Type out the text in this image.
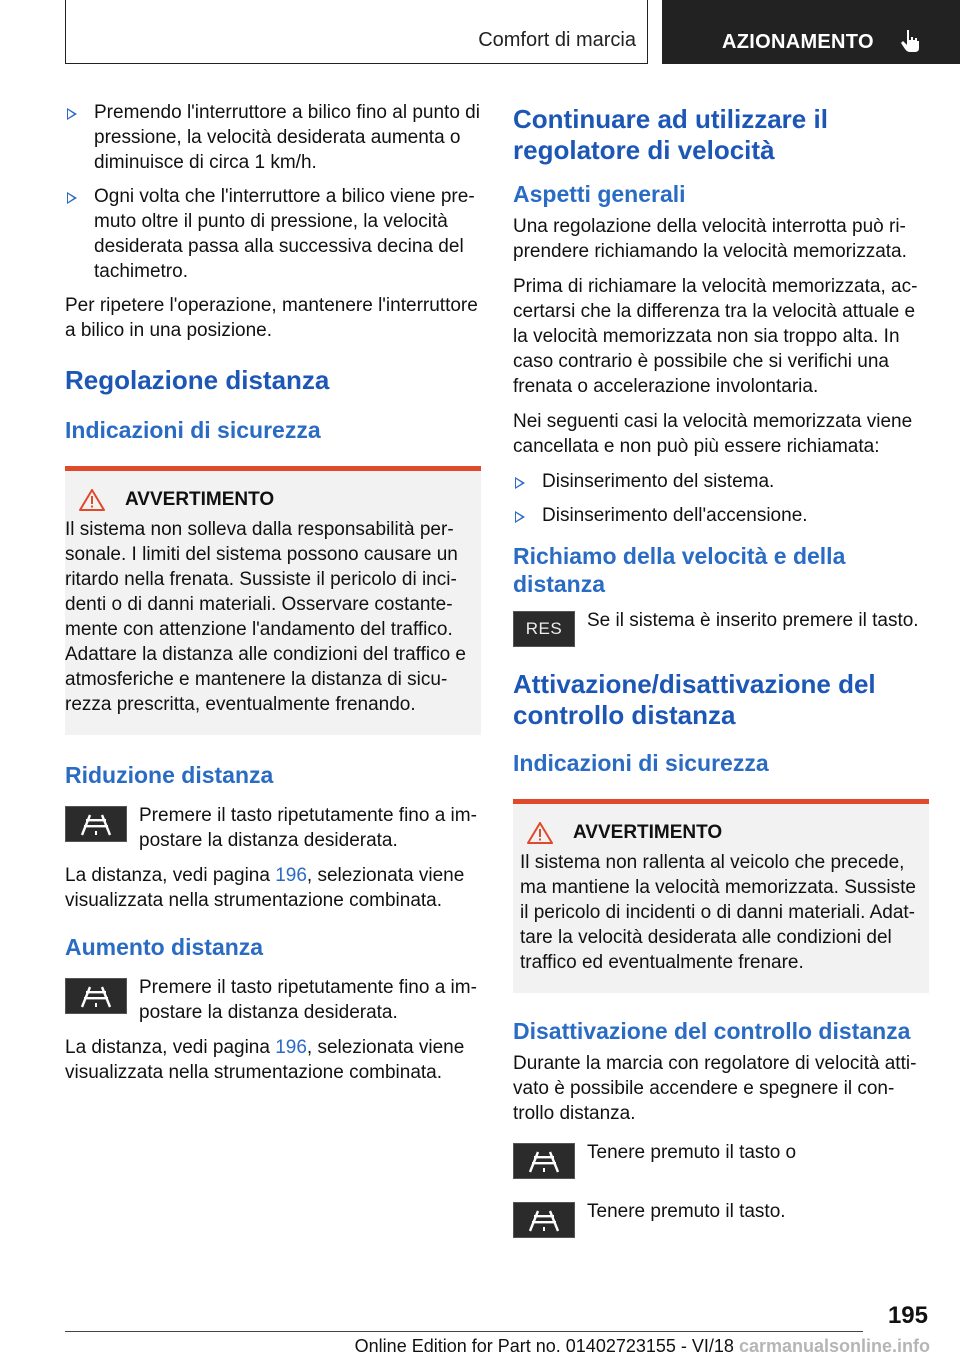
Comfort di marcia	AZIONAMENTO
Premendo l'interruttore a bilico fino al punto di pressione, la velocità desiderata aumenta o diminuisce di circa 1 km/h.
Ogni volta che l'interruttore a bilico viene pre‐muto oltre il punto di pressione, la velocità desiderata passa alla successiva decina del tachimetro.

Per ripetere l'operazione, mantenere l'interruttore a bilico in una posizione.

Regolazione distanza
Indicazioni di sicurezza
AVVERTIMENTO

Il sistema non solleva dalla responsabilità per‐sonale. I limiti del sistema possono causare un ritardo nella frenata. Sussiste il pericolo di inci‐denti o di danni materiali. Osservare costante‐mente con attenzione l'andamento del traffico. Adattare la distanza alle condizioni del traffico e atmosferiche e mantenere la distanza di sicu‐rezza prescritta, eventualmente frenando.

Riduzione distanza
Premere il tasto ripetutamente fino a im‐postare la distanza desiderata.

La distanza, vedi pagina 196, selezionata viene visualizzata nella strumentazione combinata.

Aumento distanza
Premere il tasto ripetutamente fino a im‐postare la distanza desiderata.

La distanza, vedi pagina 196, selezionata viene visualizzata nella strumentazione combinata.

Continuare ad utilizzare il regolatore di velocità
Aspetti generali

Una regolazione della velocità interrotta può ri‐prendere richiamando la velocità memorizzata.

Prima di richiamare la velocità memorizzata, ac‐certarsi che la differenza tra la velocità attuale e la velocità memorizzata non sia troppo alta. In caso contrario è possibile che si verifichi una frenata o accelerazione involontaria.

Nei seguenti casi la velocità memorizzata viene cancellata e non può più essere richiamata:

Disinserimento del sistema.
Disinserimento dell'accensione.
Richiamo della velocità e della distanza
RES Se il sistema è inserito premere il tasto.
Attivazione/disattivazione del controllo distanza
Indicazioni di sicurezza
AVVERTIMENTO

Il sistema non rallenta al veicolo che precede, ma mantiene la velocità memorizzata. Sussiste il pericolo di incidenti o di danni materiali. Adat‐tare la velocità desiderata alle condizioni del traffico ed eventualmente frenare.

Disattivazione del controllo distanza

Durante la marcia con regolatore di velocità atti‐vato è possibile accendere e spegnere il con‐trollo distanza.

Tenere premuto il tasto o
Tenere premuto il tasto.
195
Online Edition for Part no. 01402723155 - VI/18 carmanualsonline.info
